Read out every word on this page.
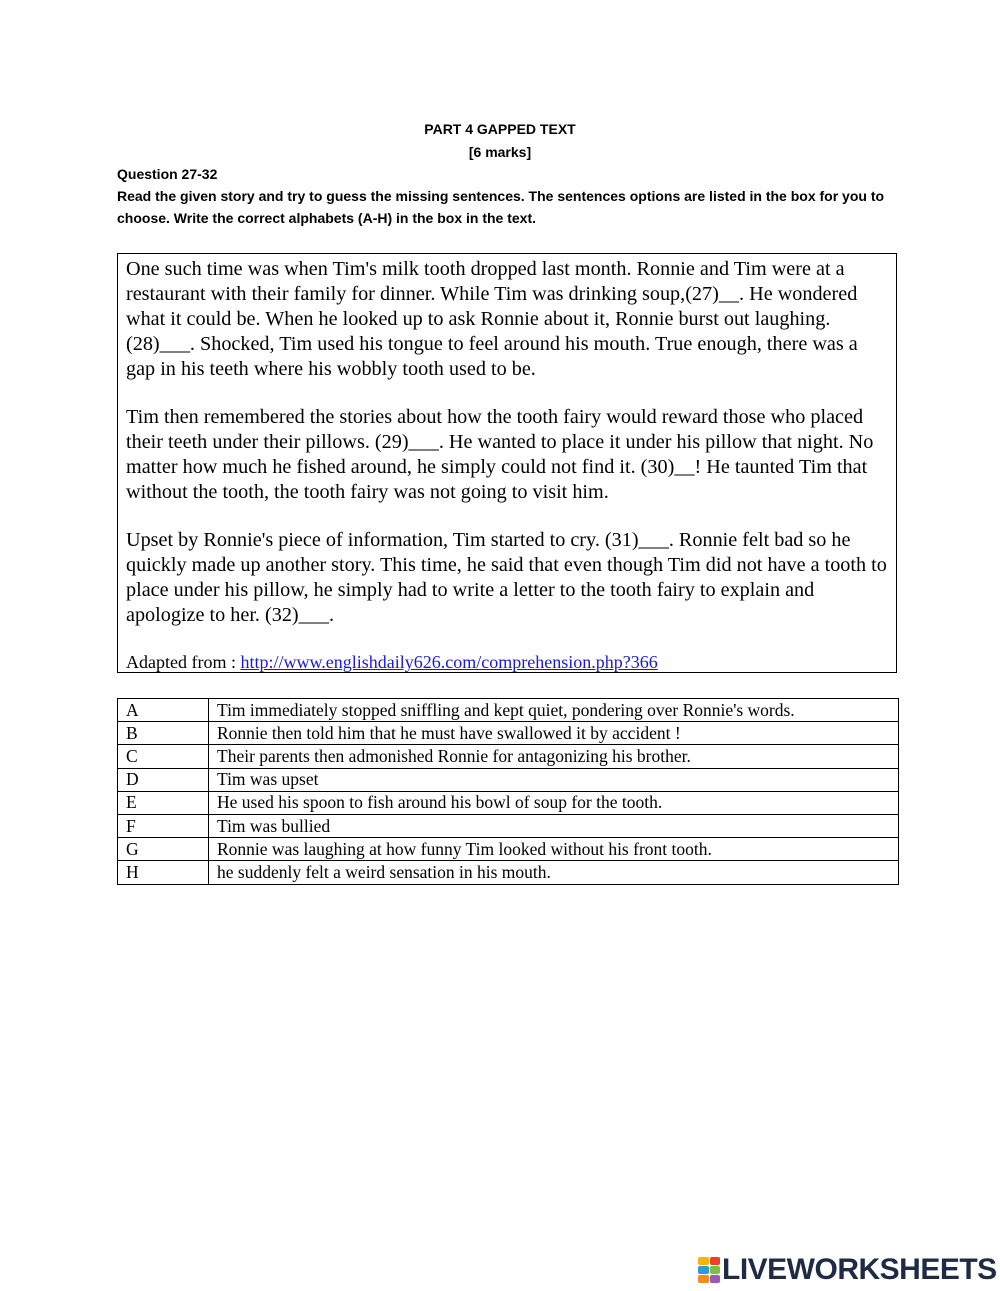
PART 4 GAPPED TEXT
[6 marks]
Question 27-32
Read the given story and try to guess the missing sentences. The sentences options are listed in the box for you to choose. Write the correct alphabets (A-H) in the box in the text.

One such time was when Tim's milk tooth dropped last month. Ronnie and Tim were at a restaurant with their family for dinner. While Tim was drinking soup,(27)__. He wondered what it could be. When he looked up to ask Ronnie about it, Ronnie burst out laughing. (28)___. Shocked, Tim used his tongue to feel around his mouth. True enough, there was a gap in his teeth where his wobbly tooth used to be.

Tim then remembered the stories about how the tooth fairy would reward those who placed their teeth under their pillows. (29)___. He wanted to place it under his pillow that night. No matter how much he fished around, he simply could not find it. (30)__! He taunted Tim that without the tooth, the tooth fairy was not going to visit him.

Upset by Ronnie's piece of information, Tim started to cry. (31)___. Ronnie felt bad so he quickly made up another story. This time, he said that even though Tim did not have a tooth to place under his pillow, he simply had to write a letter to the tooth fairy to explain and apologize to her. (32)___.

Adapted from : http://www.englishdaily626.com/comprehension.php?366

A	Tim immediately stopped sniffling and kept quiet, pondering over Ronnie's words.
B	Ronnie then told him that he must have swallowed it by accident !
C	Their parents then admonished Ronnie for antagonizing his brother.
D	Tim was upset
E	He used his spoon to fish around his bowl of soup for the tooth.
F	Tim was bullied
G	Ronnie was laughing at how funny Tim looked without his front tooth.
H	he suddenly felt a weird sensation in his mouth.
LIVEWORKSHEETS
